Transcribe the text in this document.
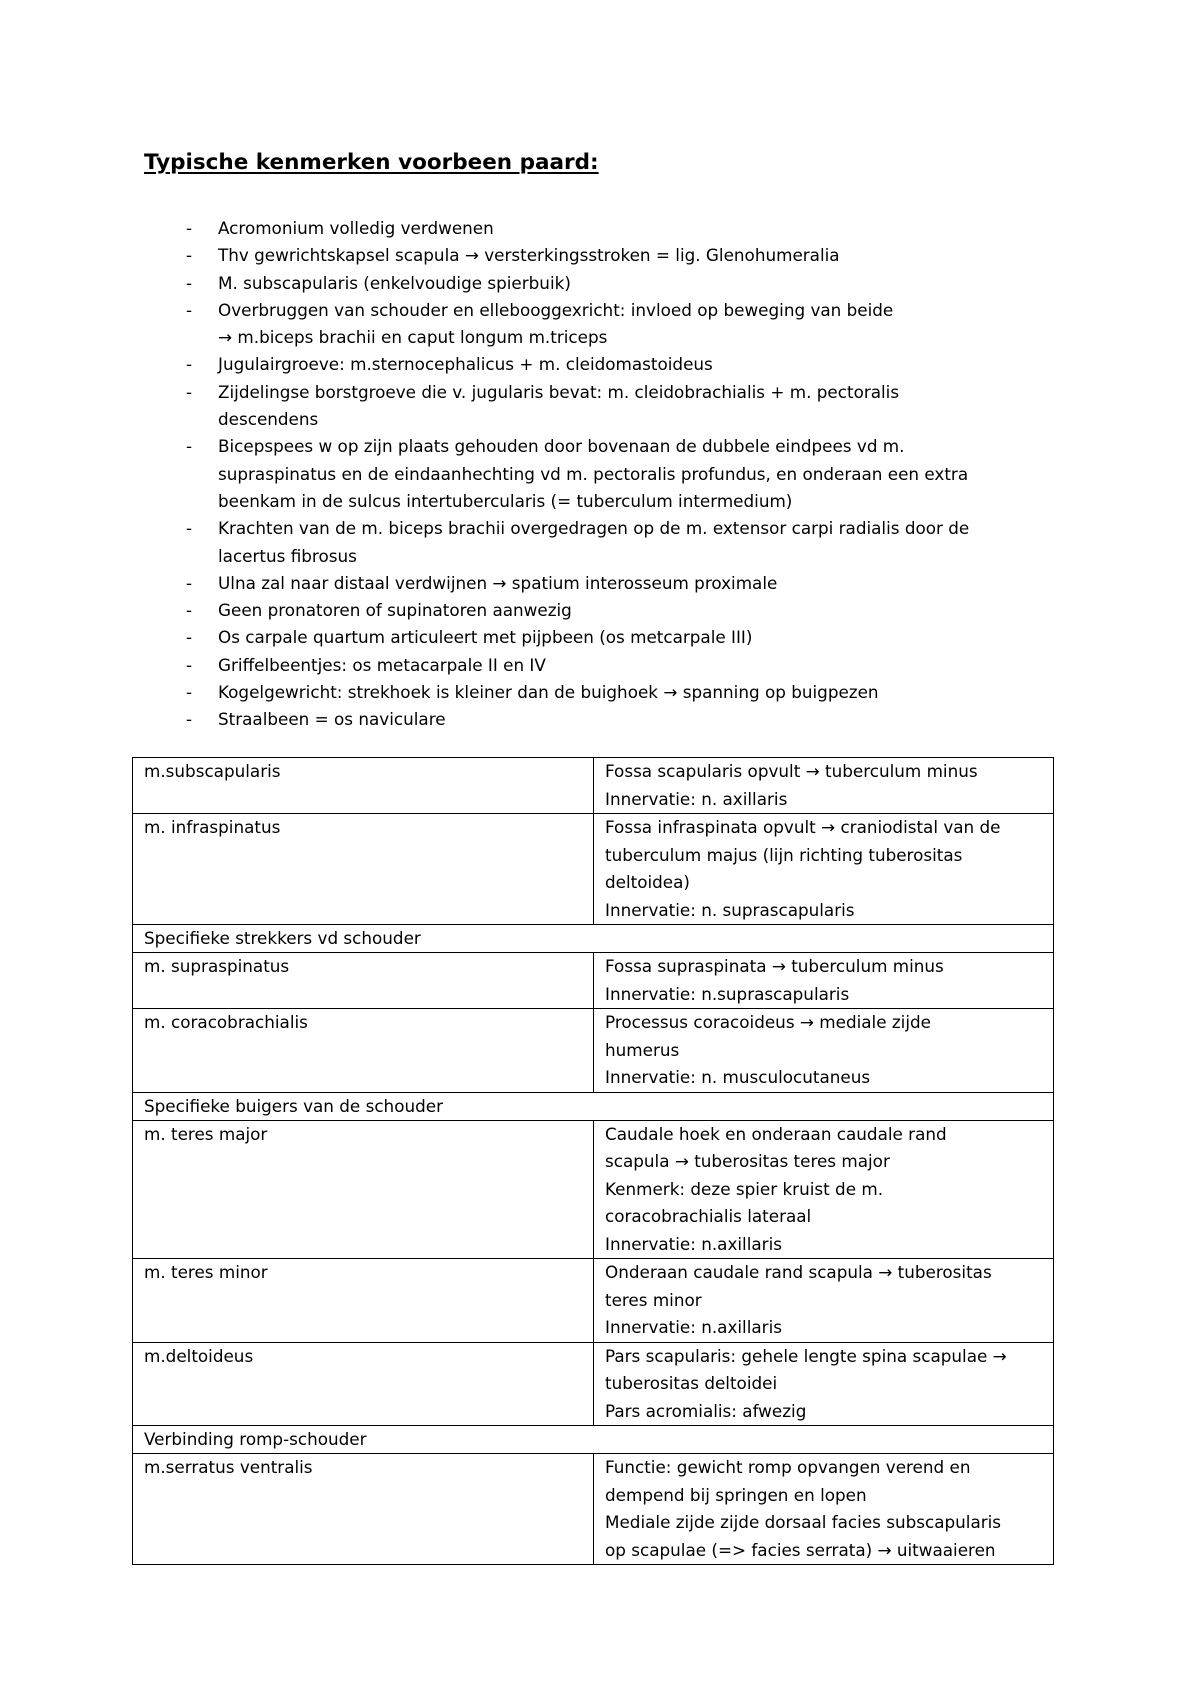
Typische kenmerken voorbeen paard:
- Acromonium volledig verdwenen
- Thv gewrichtskapsel scapula → versterkingsstroken = lig. Glenohumeralia
- M. subscapularis (enkelvoudige spierbuik)
- Overbruggen van schouder en ellebooggexricht: invloed op beweging van beide
→ m.biceps brachii en caput longum m.triceps
- Jugulairgroeve: m.sternocephalicus + m. cleidomastoideus
- Zijdelingse borstgroeve die v. jugularis bevat: m. cleidobrachialis + m. pectoralis descendens
- Bicepspees w op zijn plaats gehouden door bovenaan de dubbele eindpees vd m.
supraspinatus en de eindaanhechting vd m. pectoralis profundus, en onderaan een extra
beenkam in de sulcus intertubercularis (= tuberculum intermedium)
- Krachten van de m. biceps brachii overgedragen op de m. extensor carpi radialis door de
lacertus fibrosus
- Ulna zal naar distaal verdwijnen → spatium interosseum proximale
- Geen pronatoren of supinatoren aanwezig
- Os carpale quartum articuleert met pijpbeen (os metcarpale III)
- Griffelbeentjes: os metacarpale II en IV
- Kogelgewricht: strekhoek is kleiner dan de buighoek → spanning op buigpezen
- Straalbeen = os naviculare
m.subscapularis	Fossa scapularis opvult → tuberculum minus
Innervatie: n. axillaris

m. infraspinatus	Fossa infraspinata opvult → craniodistal van de
tuberculum majus (lijn richting tuberositas
deltoidea)
Innervatie: n. suprascapularis

Specifieke strekkers vd schouder	
m. supraspinatus	Fossa supraspinata → tuberculum minus
Innervatie: n.suprascapularis

m. coracobrachialis	Processus coracoideus → mediale zijde
humerus
Innervatie: n. musculocutaneus

Specifieke buigers van de schouder	
m. teres major	Caudale hoek en onderaan caudale rand
scapula → tuberositas teres major
Kenmerk: deze spier kruist de m.
coracobrachialis lateraal
Innervatie: n.axillaris

m. teres minor	Onderaan caudale rand scapula → tuberositas
teres minor
Innervatie: n.axillaris

m.deltoideus	Pars scapularis: gehele lengte spina scapulae →
tuberositas deltoidei
Pars acromialis: afwezig

Verbinding romp-schouder	
m.serratus ventralis	Functie: gewicht romp opvangen verend en
dempend bij springen en lopen
Mediale zijde zijde dorsaal facies subscapularis
op scapulae (=> facies serrata) → uitwaaieren
